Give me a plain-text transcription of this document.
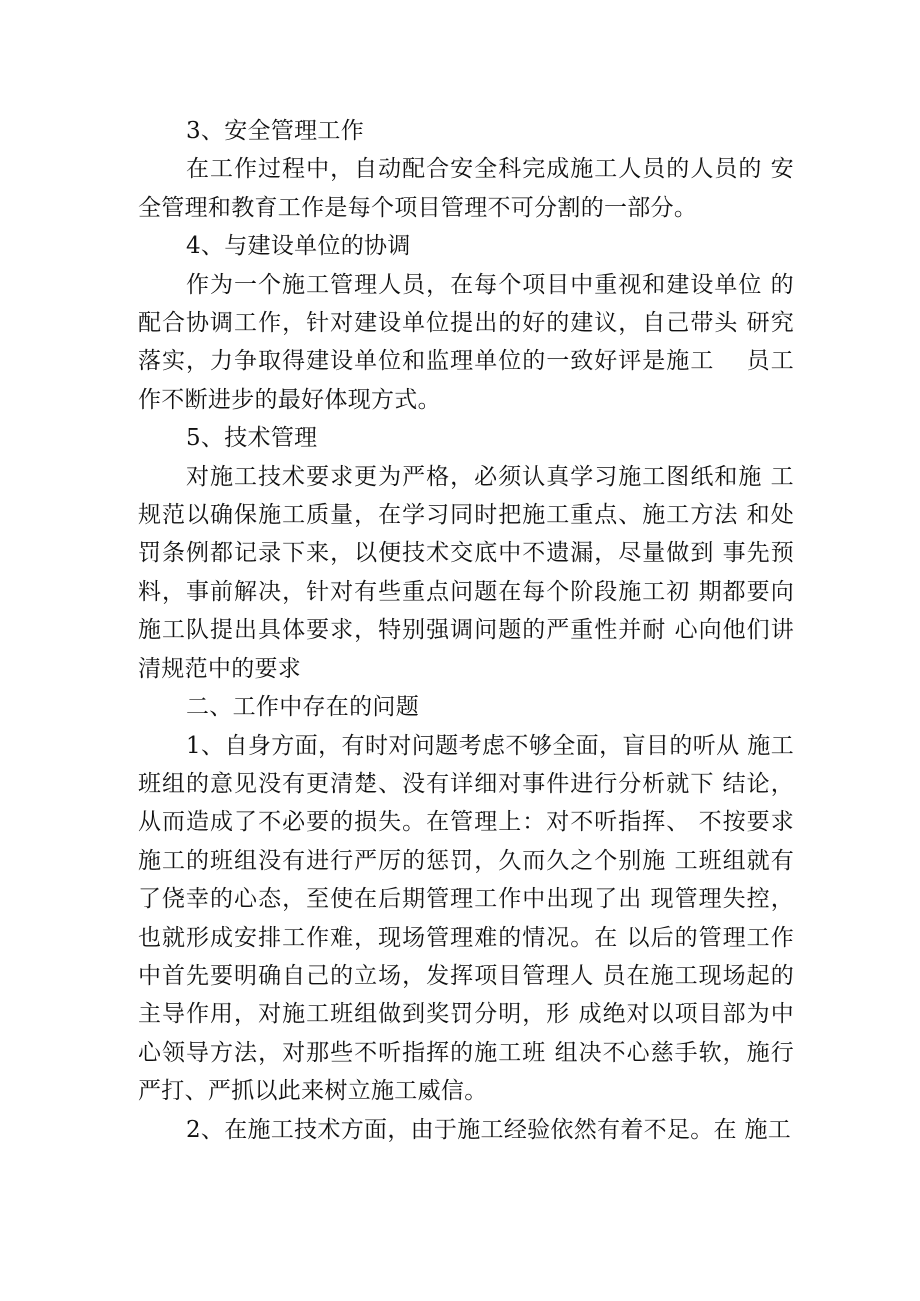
3、安全管理工作

在工作过程中，自动配合安全科完成施工人员的人员的 安全管理和教育工作是每个项目管理不可分割的一部分。

4、与建设单位的协调

作为一个施工管理人员，在每个项目中重视和建设单位 的配合协调工作，针对建设单位提出的好的建议，自己带头 研究落实，力争取得建设单位和监理单位的一致好评是施工　 员工作不断进步的最好体现方式。

5、技术管理

对施工技术要求更为严格，必须认真学习施工图纸和施 工规范以确保施工质量，在学习同时把施工重点、施工方法 和处罚条例都记录下来，以便技术交底中不遗漏，尽量做到 事先预料，事前解决，针对有些重点问题在每个阶段施工初 期都要向施工队提出具体要求，特别强调问题的严重性并耐 心向他们讲清规范中的要求

二、工作中存在的问题

1、自身方面，有时对问题考虑不够全面，盲目的听从 施工班组的意见没有更清楚、没有详细对事件进行分析就下 结论，从而造成了不必要的损失。在管理上：对不听指挥、 不按要求施工的班组没有进行严厉的惩罚，久而久之个别施 工班组就有了侥幸的心态，至使在后期管理工作中出现了出 现管理失控，也就形成安排工作难，现场管理难的情况。在 以后的管理工作中首先要明确自己的立场，发挥项目管理人 员在施工现场起的主导作用，对施工班组做到奖罚分明，形 成绝对以项目部为中心领导方法，对那些不听指挥的施工班 组决不心慈手软，施行严打、严抓以此来树立施工威信。

2、在施工技术方面，由于施工经验依然有着不足。在 施工
